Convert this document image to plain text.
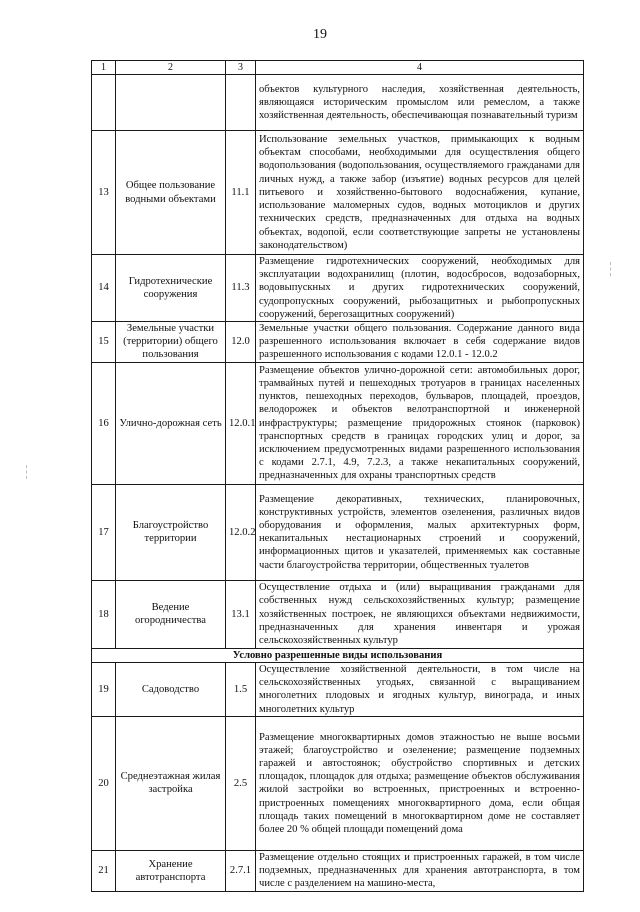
19
1	2	3	4
			объектов культурного наследия, хозяйственная деятельность, являющаяся историческим промыслом или ремеслом, а также хозяйственная деятельность, обеспечивающая познавательный туризм
13	Общее пользование водными объектами	11.1	Использование земельных участков, примыкающих к водным объектам способами, необходимыми для осуществления общего водопользования (водопользования, осуществляемого гражданами для личных нужд, а также забор (изъятие) водных ресурсов для целей питьевого и хозяйственно-бытового водоснабжения, купание, использование маломерных судов, водных мотоциклов и других технических средств, предназначенных для отдыха на водных объектах, водопой, если соответствующие запреты не установлены законодательством)
14	Гидротехнические сооружения	11.3	Размещение гидротехнических сооружений, необходимых для эксплуатации водохранилищ (плотин, водосбросов, водозаборных, водовыпускных и других гидротехнических сооружений, судопропускных сооружений, рыбозащитных и рыбопропускных сооружений, берегозащитных сооружений)
15	Земельные участки (территории) общего пользования	12.0	Земельные участки общего пользования. Содержание данного вида разрешенного использования включает в себя содержание видов разрешенного использования с кодами 12.0.1 - 12.0.2
16	Улично-дорожная сеть	12.0.1	Размещение объектов улично-дорожной сети: автомобильных дорог, трамвайных путей и пешеходных тротуаров в границах населенных пунктов, пешеходных переходов, бульваров, площадей, проездов, велодорожек и объектов велотранспортной и инженерной инфраструктуры; размещение придорожных стоянок (парковок) транспортных средств в границах городских улиц и дорог, за исключением предусмотренных видами разрешенного использования с кодами 2.7.1, 4.9, 7.2.3, а также некапитальных сооружений, предназначенных для охраны транспортных средств
17	Благоустройство территории	12.0.2	Размещение декоративных, технических, планировочных, конструктивных устройств, элементов озеленения, различных видов оборудования и оформления, малых архитектурных форм, некапитальных нестационарных строений и сооружений, информационных щитов и указателей, применяемых как составные части благоустройства территории, общественных туалетов
18	Ведение огородничества	13.1	Осуществление отдыха и (или) выращивания гражданами для собственных нужд сельскохозяйственных культур; размещение хозяйственных построек, не являющихся объектами недвижимости, предназначенных для хранения инвентаря и урожая сельскохозяйственных культур
Условно разрешенные виды использования			
19	Садоводство	1.5	Осуществление хозяйственной деятельности, в том числе на сельскохозяйственных угодьях, связанной с выращиванием многолетних плодовых и ягодных культур, винограда, и иных многолетних культур
20	Среднеэтажная жилая застройка	2.5	Размещение многоквартирных домов этажностью не выше восьми этажей; благоустройство и озеленение; размещение подземных гаражей и автостоянок; обустройство спортивных и детских площадок, площадок для отдыха; размещение объектов обслуживания жилой застройки во встроенных, пристроенных и встроенно-пристроенных помещениях многоквартирного дома, если общая площадь таких помещений в многоквартирном доме не составляет более 20 % общей площади помещений дома
21	Хранение автотранспорта	2.7.1	Размещение отдельно стоящих и пристроенных гаражей, в том числе подземных, предназначенных для хранения автотранспорта, в том числе с разделением на машино-места,
